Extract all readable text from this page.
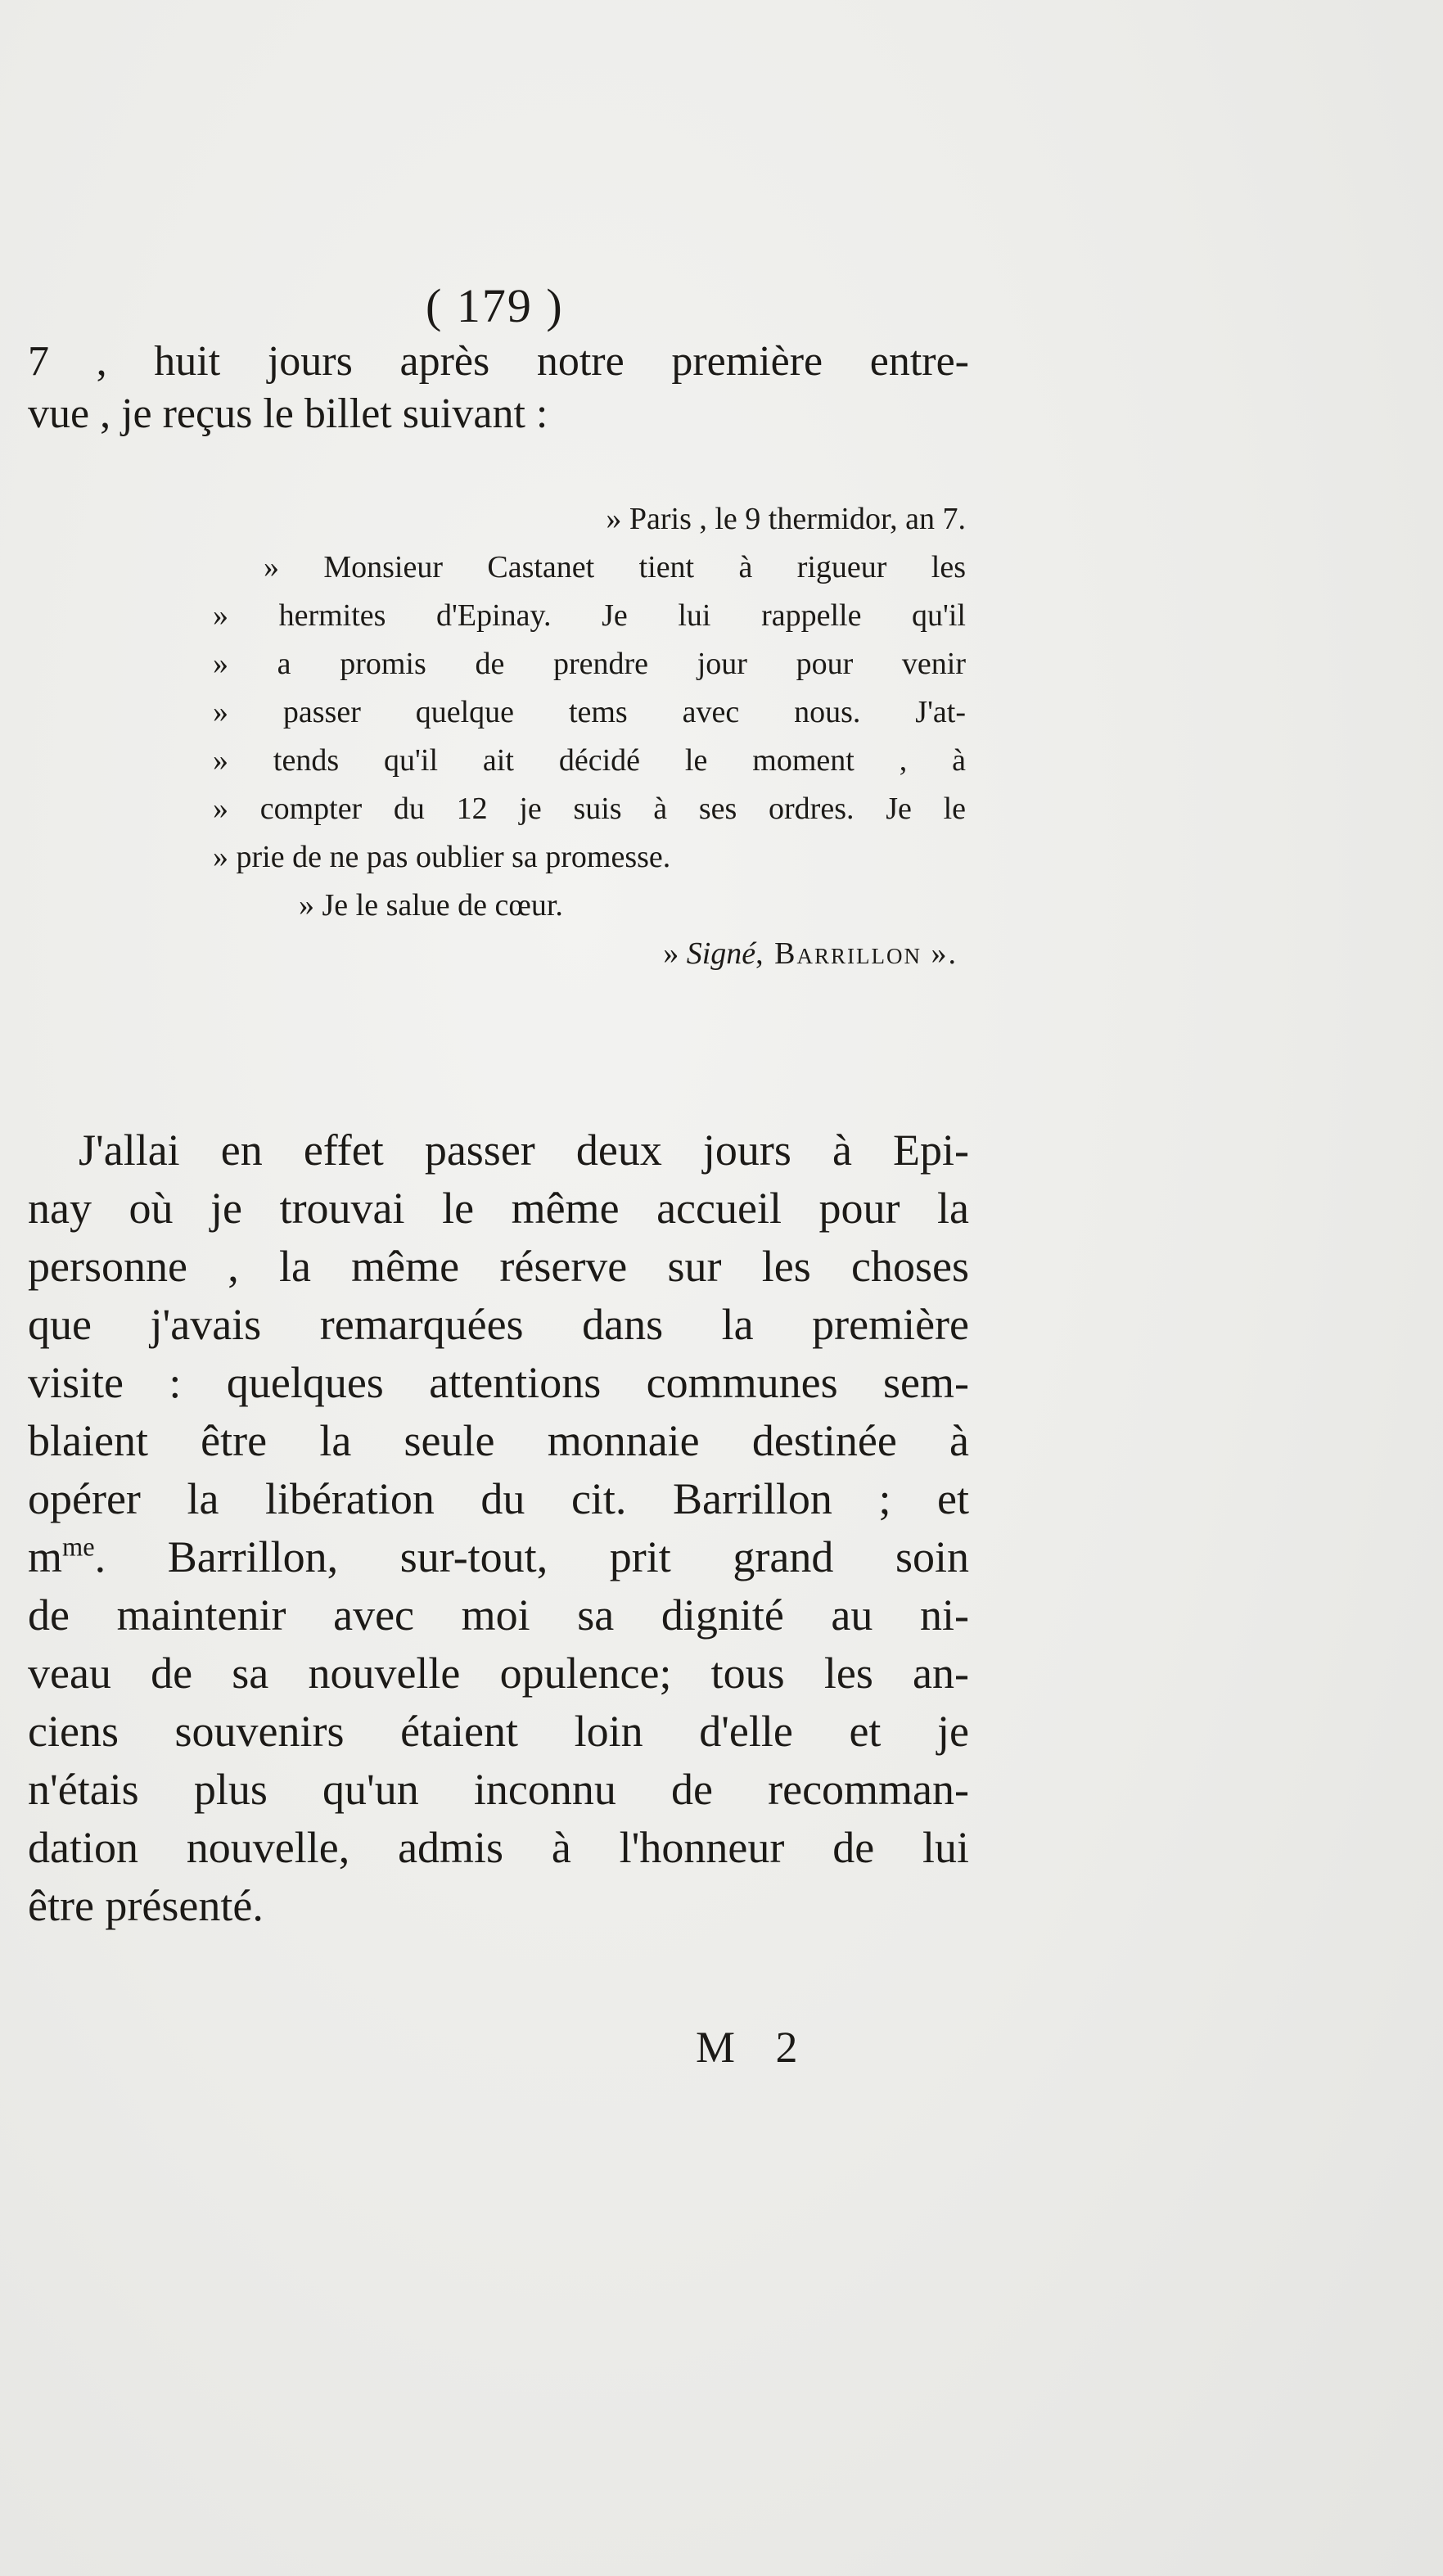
( 179 )
7 , huit jours après notre première entre-
vue , je reçus le billet suivant :
» Paris , le 9 thermidor, an 7.
» Monsieur Castanet tient à rigueur les
» hermites d'Epinay. Je lui rappelle qu'il
» a promis de prendre jour pour venir
» passer quelque tems avec nous. J'at-
» tends qu'il ait décidé le moment , à
» compter du 12 je suis à ses ordres. Je le
» prie de ne pas oublier sa promesse.
» Je le salue de cœur.
» Signé, Barrillon ».
J'allai en effet passer deux jours à Epi-
nay où je trouvai le même accueil pour la
personne , la même réserve sur les choses
que j'avais remarquées dans la première
visite : quelques attentions communes sem-
blaient être la seule monnaie destinée à
opérer la libération du cit. Barrillon ; et
$m^{me}$. Barrillon, sur-tout, prit grand soin
de maintenir avec moi sa dignité au ni-
veau de sa nouvelle opulence; tous les an-
ciens souvenirs étaient loin d'elle et je
n'étais plus qu'un inconnu de recomman-
dation nouvelle, admis à l'honneur de lui
être présenté.
M 2
